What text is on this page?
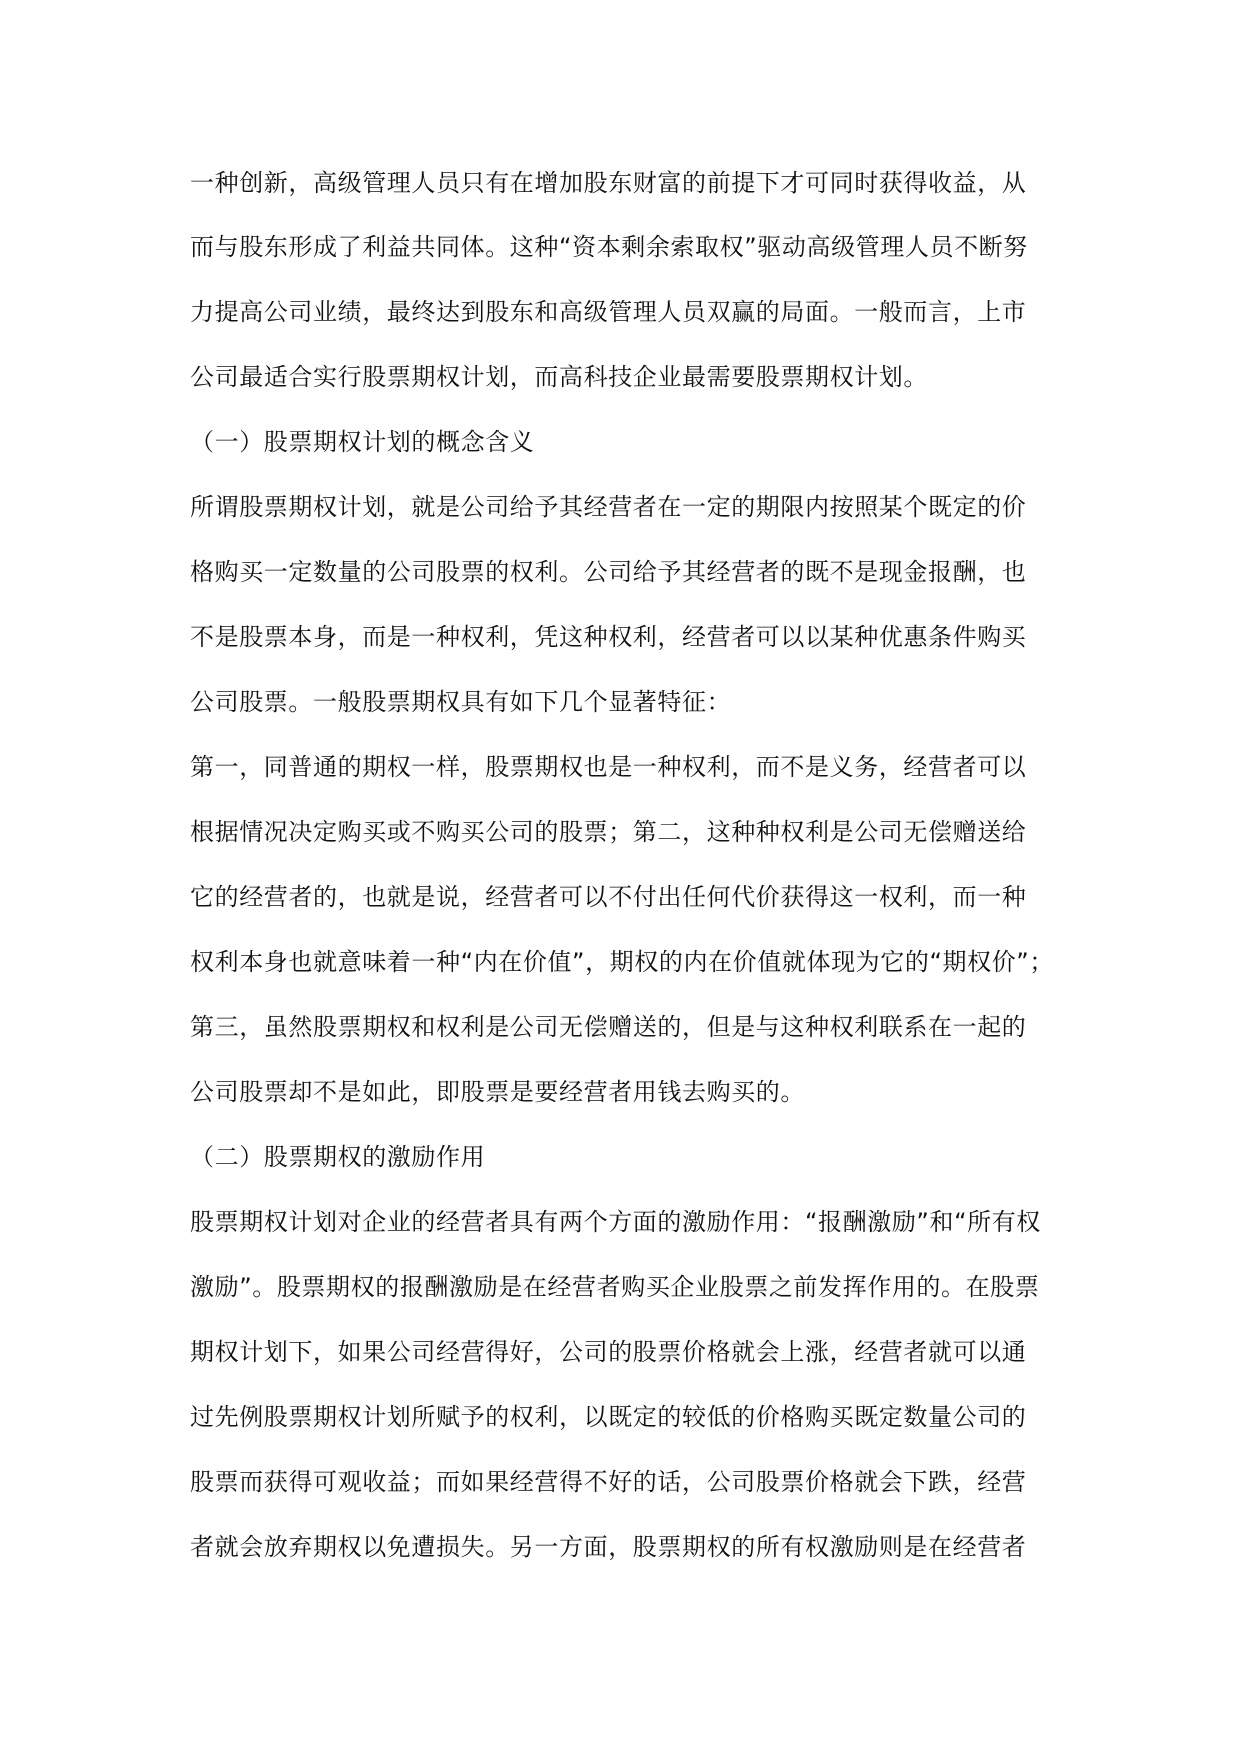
一种创新，高级管理人员只有在增加股东财富的前提下才可同时获得收益，从
而与股东形成了利益共同体。这种“资本剩余索取权”驱动高级管理人员不断努
力提高公司业绩，最终达到股东和高级管理人员双赢的局面。一般而言，上市
公司最适合实行股票期权计划，而高科技企业最需要股票期权计划。
（一）股票期权计划的概念含义
所谓股票期权计划，就是公司给予其经营者在一定的期限内按照某个既定的价
格购买一定数量的公司股票的权利。公司给予其经营者的既不是现金报酬，也
不是股票本身，而是一种权利，凭这种权利，经营者可以以某种优惠条件购买
公司股票。一般股票期权具有如下几个显著特征：
第一，同普通的期权一样，股票期权也是一种权利，而不是义务，经营者可以
根据情况决定购买或不购买公司的股票；第二，这种种权利是公司无偿赠送给
它的经营者的，也就是说，经营者可以不付出任何代价获得这一权利，而一种
权利本身也就意味着一种“内在价值”，期权的内在价值就体现为它的“期权价”；
第三，虽然股票期权和权利是公司无偿赠送的，但是与这种权利联系在一起的
公司股票却不是如此，即股票是要经营者用钱去购买的。
（二）股票期权的激励作用
股票期权计划对企业的经营者具有两个方面的激励作用：“报酬激励”和“所有权
激励”。股票期权的报酬激励是在经营者购买企业股票之前发挥作用的。在股票
期权计划下，如果公司经营得好，公司的股票价格就会上涨，经营者就可以通
过先例股票期权计划所赋予的权利，以既定的较低的价格购买既定数量公司的
股票而获得可观收益；而如果经营得不好的话，公司股票价格就会下跌，经营
者就会放弃期权以免遭损失。另一方面，股票期权的所有权激励则是在经营者
